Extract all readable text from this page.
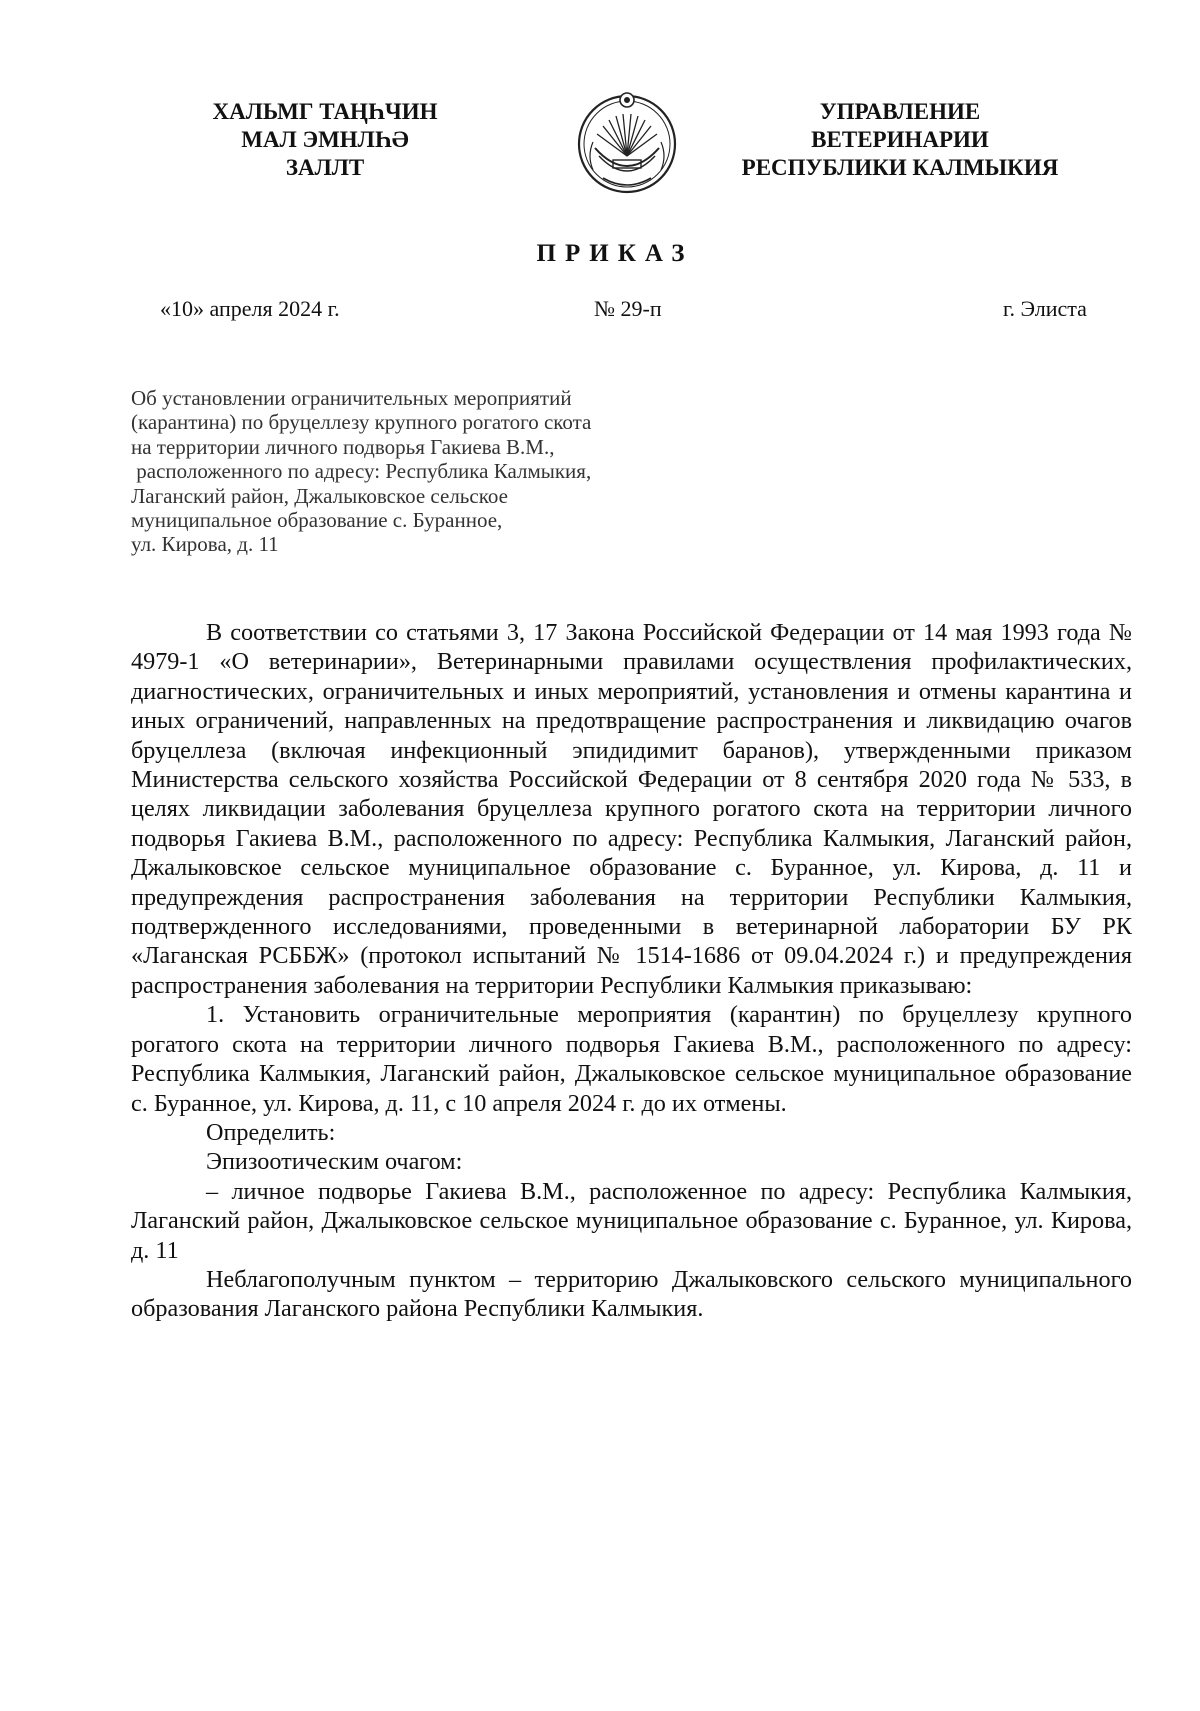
ХАЛЬМГ ТАҢҺЧИН
МАЛ ЭМНЛҺӘ
ЗАЛЛТ
УПРАВЛЕНИЕ
ВЕТЕРИНАРИИ
РЕСПУБЛИКИ КАЛМЫКИЯ
ПРИКАЗ
«10» апреля 2024 г.	№ 29-п	г. Элиста
Об установлении ограничительных мероприятий
(карантина) по бруцеллезу крупного рогатого скота
на территории личного подворья Гакиева В.М.,
расположенного по адресу: Республика Калмыкия,
Лаганский район, Джалыковское сельское
муниципальное образование с. Буранное,
ул. Кирова, д. 11

В соответствии со статьями 3, 17 Закона Российской Федерации от 14 мая 1993 года № 4979-1 «О ветеринарии», Ветеринарными правилами осуществления профилактических, диагностических, ограничительных и иных мероприятий, установления и отмены карантина и иных ограничений, направленных на предотвращение распространения и ликвидацию очагов бруцеллеза (включая инфекционный эпидидимит баранов), утвержденными приказом Министерства сельского хозяйства Российской Федерации от 8 сентября 2020 года № 533, в целях ликвидации заболевания бруцеллеза крупного рогатого скота на территории личного подворья Гакиева В.М., расположенного по адресу: Республика Калмыкия, Лаганский район, Джалыковское сельское муниципальное образование с. Буранное, ул. Кирова, д. 11 и предупреждения распространения заболевания на территории Республики Калмыкия, подтвержденного исследованиями, проведенными в ветеринарной лаборатории БУ РК «Лаганская РСББЖ» (протокол испытаний № 1514-1686 от 09.04.2024 г.) и предупреждения распространения заболевания на территории Республики Калмыкия приказываю:

1. Установить ограничительные мероприятия (карантин) по бруцеллезу крупного рогатого скота на территории личного подворья Гакиева В.М., расположенного по адресу: Республика Калмыкия, Лаганский район, Джалыковское сельское муниципальное образование с. Буранное, ул. Кирова, д. 11, с 10 апреля 2024 г. до их отмены.

Определить:

Эпизоотическим очагом:

– личное подворье Гакиева В.М., расположенное по адресу: Республика Калмыкия, Лаганский район, Джалыковское сельское муниципальное образование с. Буранное, ул. Кирова, д. 11

Неблагополучным пунктом – территорию Джалыковского сельского муниципального образования Лаганского района Республики Калмыкия.
